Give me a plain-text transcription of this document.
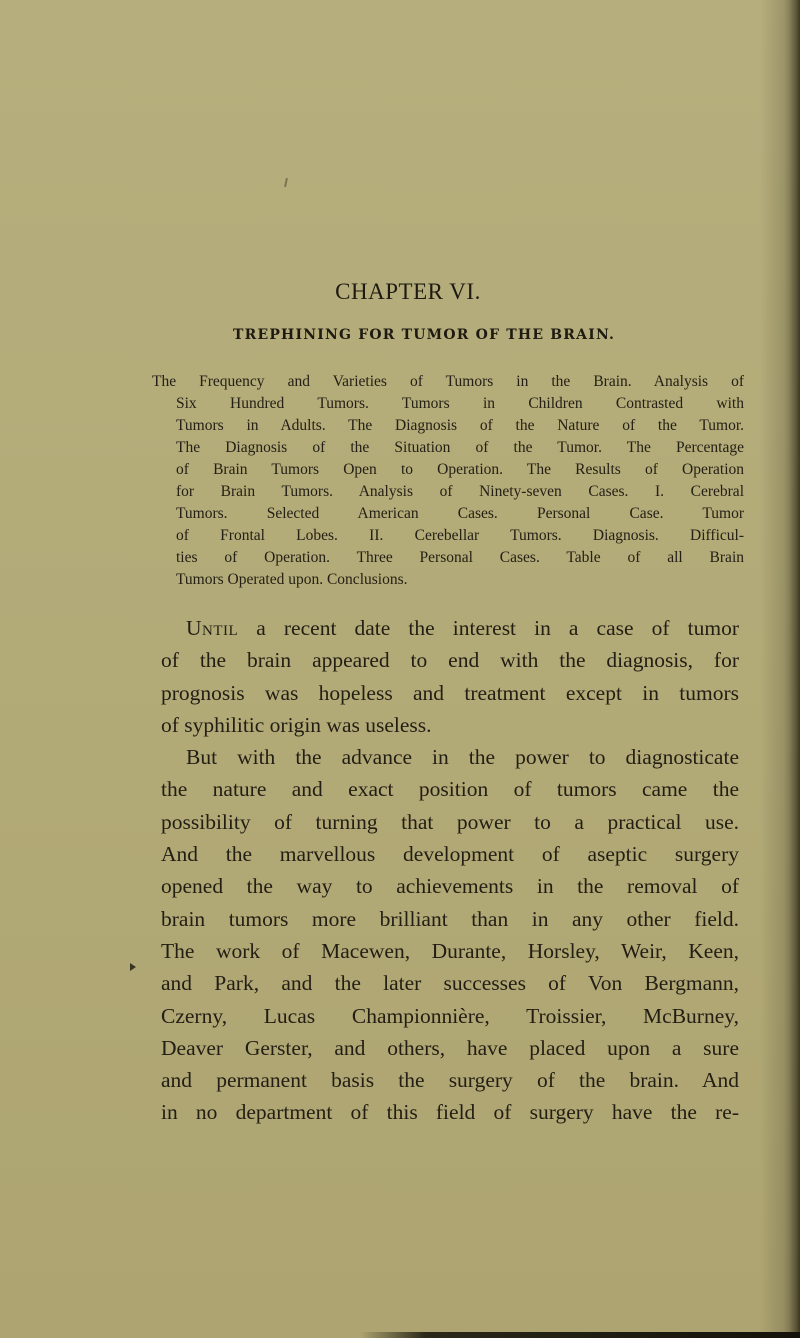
CHAPTER VI.
TREPHINING FOR TUMOR OF THE BRAIN.
The Frequency and Varieties of Tumors in the Brain. Analysis of
Six Hundred Tumors. Tumors in Children Contrasted with
Tumors in Adults. The Diagnosis of the Nature of the Tumor.
The Diagnosis of the Situation of the Tumor. The Percentage
of Brain Tumors Open to Operation. The Results of Operation
for Brain Tumors. Analysis of Ninety-seven Cases. I. Cerebral
Tumors. Selected American Cases. Personal Case. Tumor
of Frontal Lobes. II. Cerebellar Tumors. Diagnosis. Difficul-
ties of Operation. Three Personal Cases. Table of all Brain
Tumors Operated upon. Conclusions.
Until a recent date the interest in a case of tumor
of the brain appeared to end with the diagnosis, for
prognosis was hopeless and treatment except in tumors
of syphilitic origin was useless.
But with the advance in the power to diagnosticate
the nature and exact position of tumors came the
possibility of turning that power to a practical use.
And the marvellous development of aseptic surgery
opened the way to achievements in the removal of
brain tumors more brilliant than in any other field.
The work of Macewen, Durante, Horsley, Weir, Keen,
and Park, and the later successes of Von Bergmann,
Czerny, Lucas Championnière, Troissier, McBurney,
Deaver Gerster, and others, have placed upon a sure
and permanent basis the surgery of the brain. And
in no department of this field of surgery have the re-
